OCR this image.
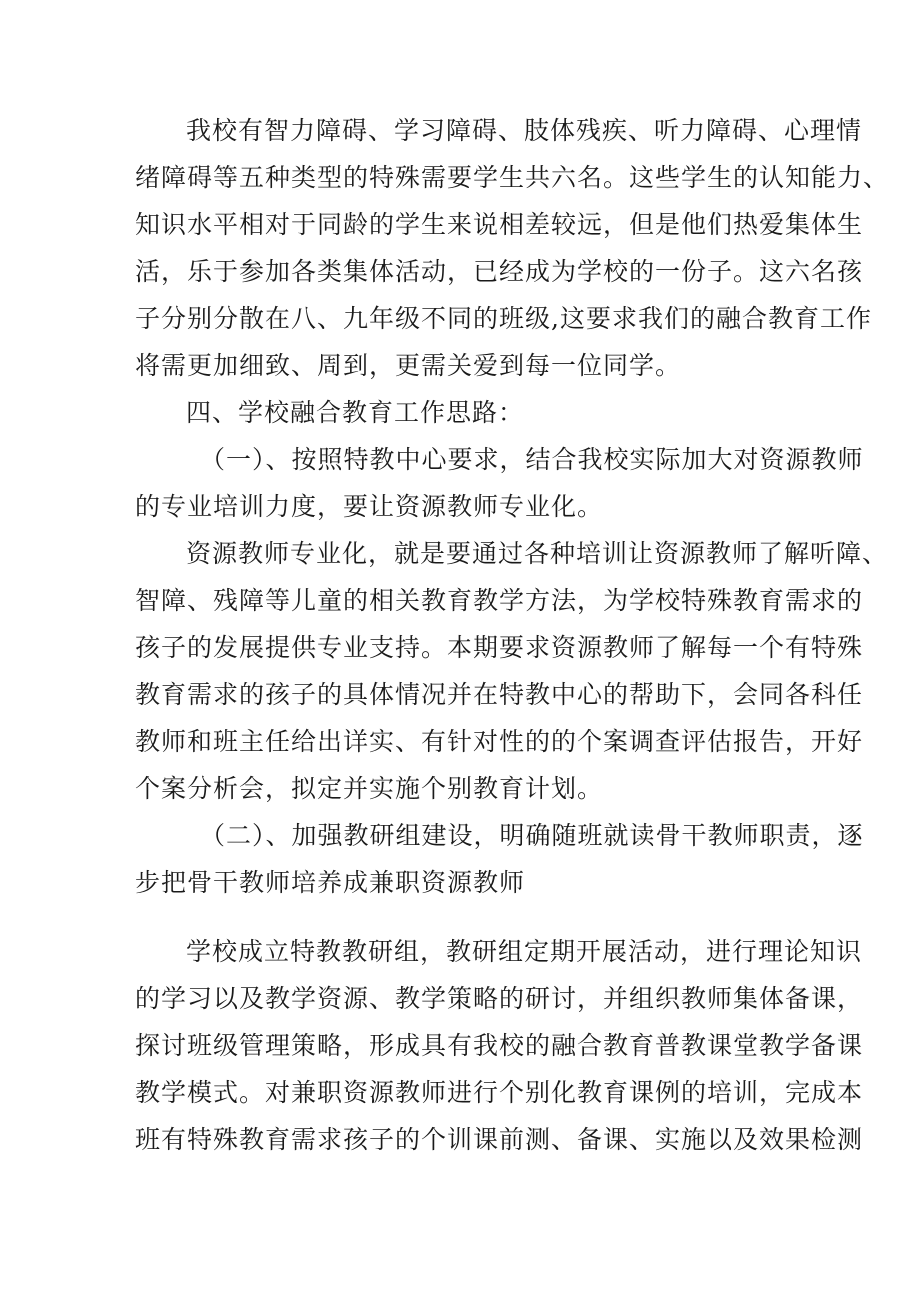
我校有智力障碍、学习障碍、肢体残疾、听力障碍、心理情
绪障碍等五种类型的特殊需要学生共六名。这些学生的认知能力、
知识水平相对于同龄的学生来说相差较远，但是他们热爱集体生
活，乐于参加各类集体活动，已经成为学校的一份子。这六名孩
子分别分散在八、九年级不同的班级,这要求我们的融合教育工作
将需更加细致、周到，更需关爱到每一位同学。
四、学校融合教育工作思路：
（一）、按照特教中心要求，结合我校实际加大对资源教师
的专业培训力度，要让资源教师专业化。
资源教师专业化，就是要通过各种培训让资源教师了解听障、
智障、残障等儿童的相关教育教学方法，为学校特殊教育需求的
孩子的发展提供专业支持。本期要求资源教师了解每一个有特殊
教育需求的孩子的具体情况并在特教中心的帮助下，会同各科任
教师和班主任给出详实、有针对性的的个案调查评估报告，开好
个案分析会，拟定并实施个别教育计划。
（二）、加强教研组建设，明确随班就读骨干教师职责，逐
步把骨干教师培养成兼职资源教师
学校成立特教教研组，教研组定期开展活动，进行理论知识
的学习以及教学资源、教学策略的研讨，并组织教师集体备课，
探讨班级管理策略，形成具有我校的融合教育普教课堂教学备课
教学模式。对兼职资源教师进行个别化教育课例的培训，完成本
班有特殊教育需求孩子的个训课前测、备课、实施以及效果检测
